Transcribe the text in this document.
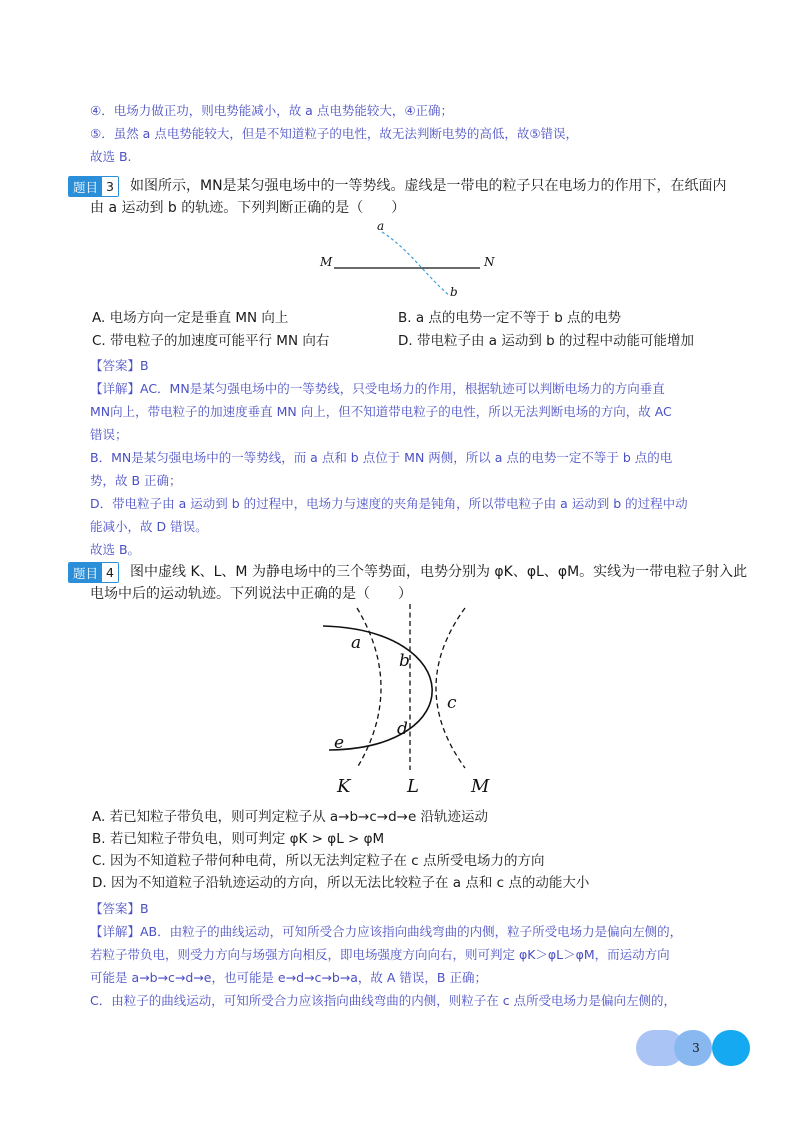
④．电场力做正功，则电势能减小，故 a 点电势能较大，④正确；
⑤．虽然 a 点电势能较大，但是不知道粒子的电性，故无法判断电势的高低，故⑤错误，
故选 B.
题目 3 如图所示，MN是某匀强电场中的一等势线。虚线是一带电的粒子只在电场力的作用下，在纸面内
由 a 运动到 b 的轨迹。下列判断正确的是（　　）
a
b
M	N
A. 电场方向一定是垂直 MN 向上	B. a 点的电势一定不等于 b 点的电势
C. 带电粒子的加速度可能平行 MN 向右	D. 带电粒子由 a 运动到 b 的过程中动能可能增加
【答案】B
【详解】AC．MN是某匀强电场中的一等势线，只受电场力的作用，根据轨迹可以判断电场力的方向垂直
MN向上，带电粒子的加速度垂直 MN 向上，但不知道带电粒子的电性，所以无法判断电场的方向，故 AC
错误；
B．MN是某匀强电场中的一等势线，而 a 点和 b 点位于 MN 两侧，所以 a 点的电势一定不等于 b 点的电
势，故 B 正确；
D．带电粒子由 a 运动到 b 的过程中，电场力与速度的夹角是钝角，所以带电粒子由 a 运动到 b 的过程中动
能减小，故 D 错误。
故选 B。
题目 4 图中虚线 K、L、M 为静电场中的三个等势面，电势分别为 φK、φL、φM。实线为一带电粒子射入此
电场中后的运动轨迹。下列说法中正确的是（　　）
a
b
c
d
e
K	L	M
A. 若已知粒子带负电，则可判定粒子从 a→b→c→d→e 沿轨迹运动
B. 若已知粒子带负电，则可判定 φK > φL > φM
C. 因为不知道粒子带何种电荷，所以无法判定粒子在 c 点所受电场力的方向
D. 因为不知道粒子沿轨迹运动的方向，所以无法比较粒子在 a 点和 c 点的动能大小
【答案】B
【详解】AB．由粒子的曲线运动，可知所受合力应该指向曲线弯曲的内侧，粒子所受电场力是偏向左侧的，
若粒子带负电，则受力方向与场强方向相反，即电场强度方向向右，则可判定 φK＞φL＞φM，而运动方向
可能是 a→b→c→d→e，也可能是 e→d→c→b→a，故 A 错误，B 正确；
C．由粒子的曲线运动，可知所受合力应该指向曲线弯曲的内侧，则粒子在 c 点所受电场力是偏向左侧的，
3
